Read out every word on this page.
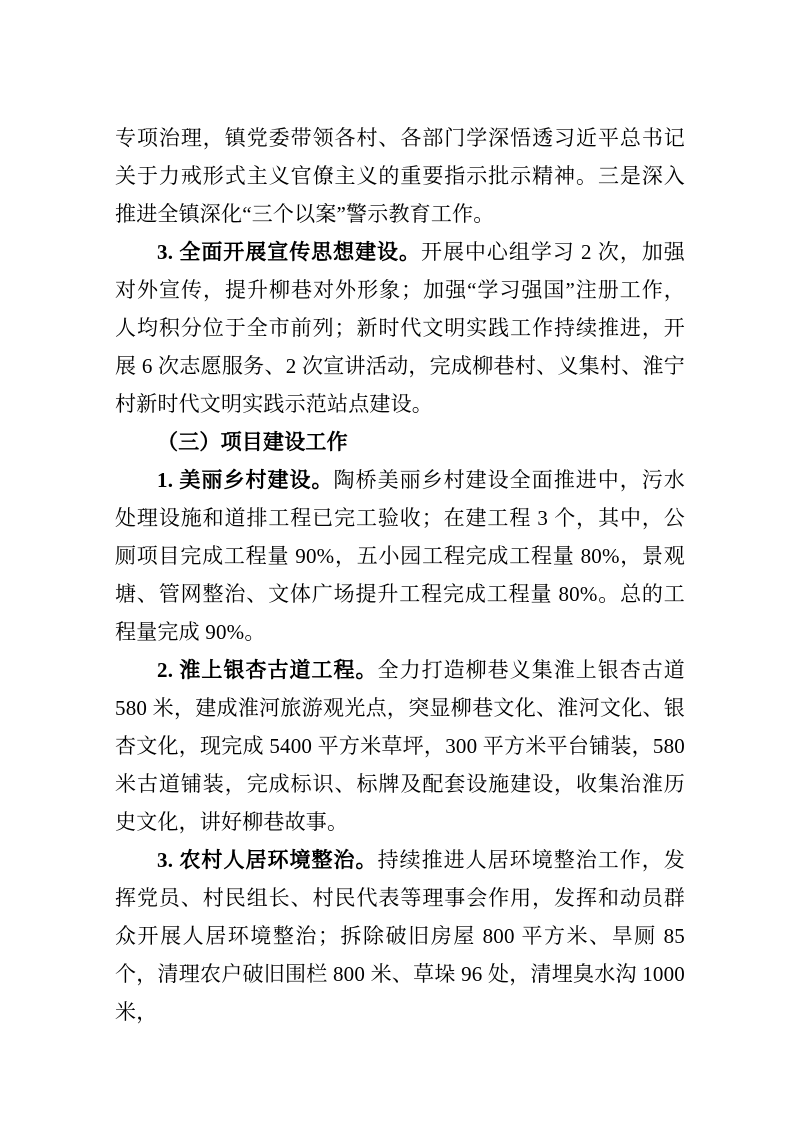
专项治理，镇党委带领各村、各部门学深悟透习近平总书记关于力戒形式主义官僚主义的重要指示批示精神。三是深入推进全镇深化“三个以案”警示教育工作。

3. 全面开展宣传思想建设。开展中心组学习 2 次，加强对外宣传，提升柳巷对外形象；加强“学习强国”注册工作，人均积分位于全市前列；新时代文明实践工作持续推进，开展 6 次志愿服务、2 次宣讲活动，完成柳巷村、义集村、淮宁村新时代文明实践示范站点建设。

（三）项目建设工作

1. 美丽乡村建设。陶桥美丽乡村建设全面推进中，污水处理设施和道排工程已完工验收；在建工程 3 个，其中，公厕项目完成工程量 90%，五小园工程完成工程量 80%，景观塘、管网整治、文体广场提升工程完成工程量 80%。总的工程量完成 90%。

2. 淮上银杏古道工程。全力打造柳巷义集淮上银杏古道 580 米，建成淮河旅游观光点，突显柳巷文化、淮河文化、银杏文化，现完成 5400 平方米草坪，300 平方米平台铺装，580 米古道铺装，完成标识、标牌及配套设施建设，收集治淮历史文化，讲好柳巷故事。

3. 农村人居环境整治。持续推进人居环境整治工作，发挥党员、村民组长、村民代表等理事会作用，发挥和动员群众开展人居环境整治；拆除破旧房屋 800 平方米、旱厕 85 个，清理农户破旧围栏 800 米、草垛 96 处，清埋臭水沟 1000 米，
